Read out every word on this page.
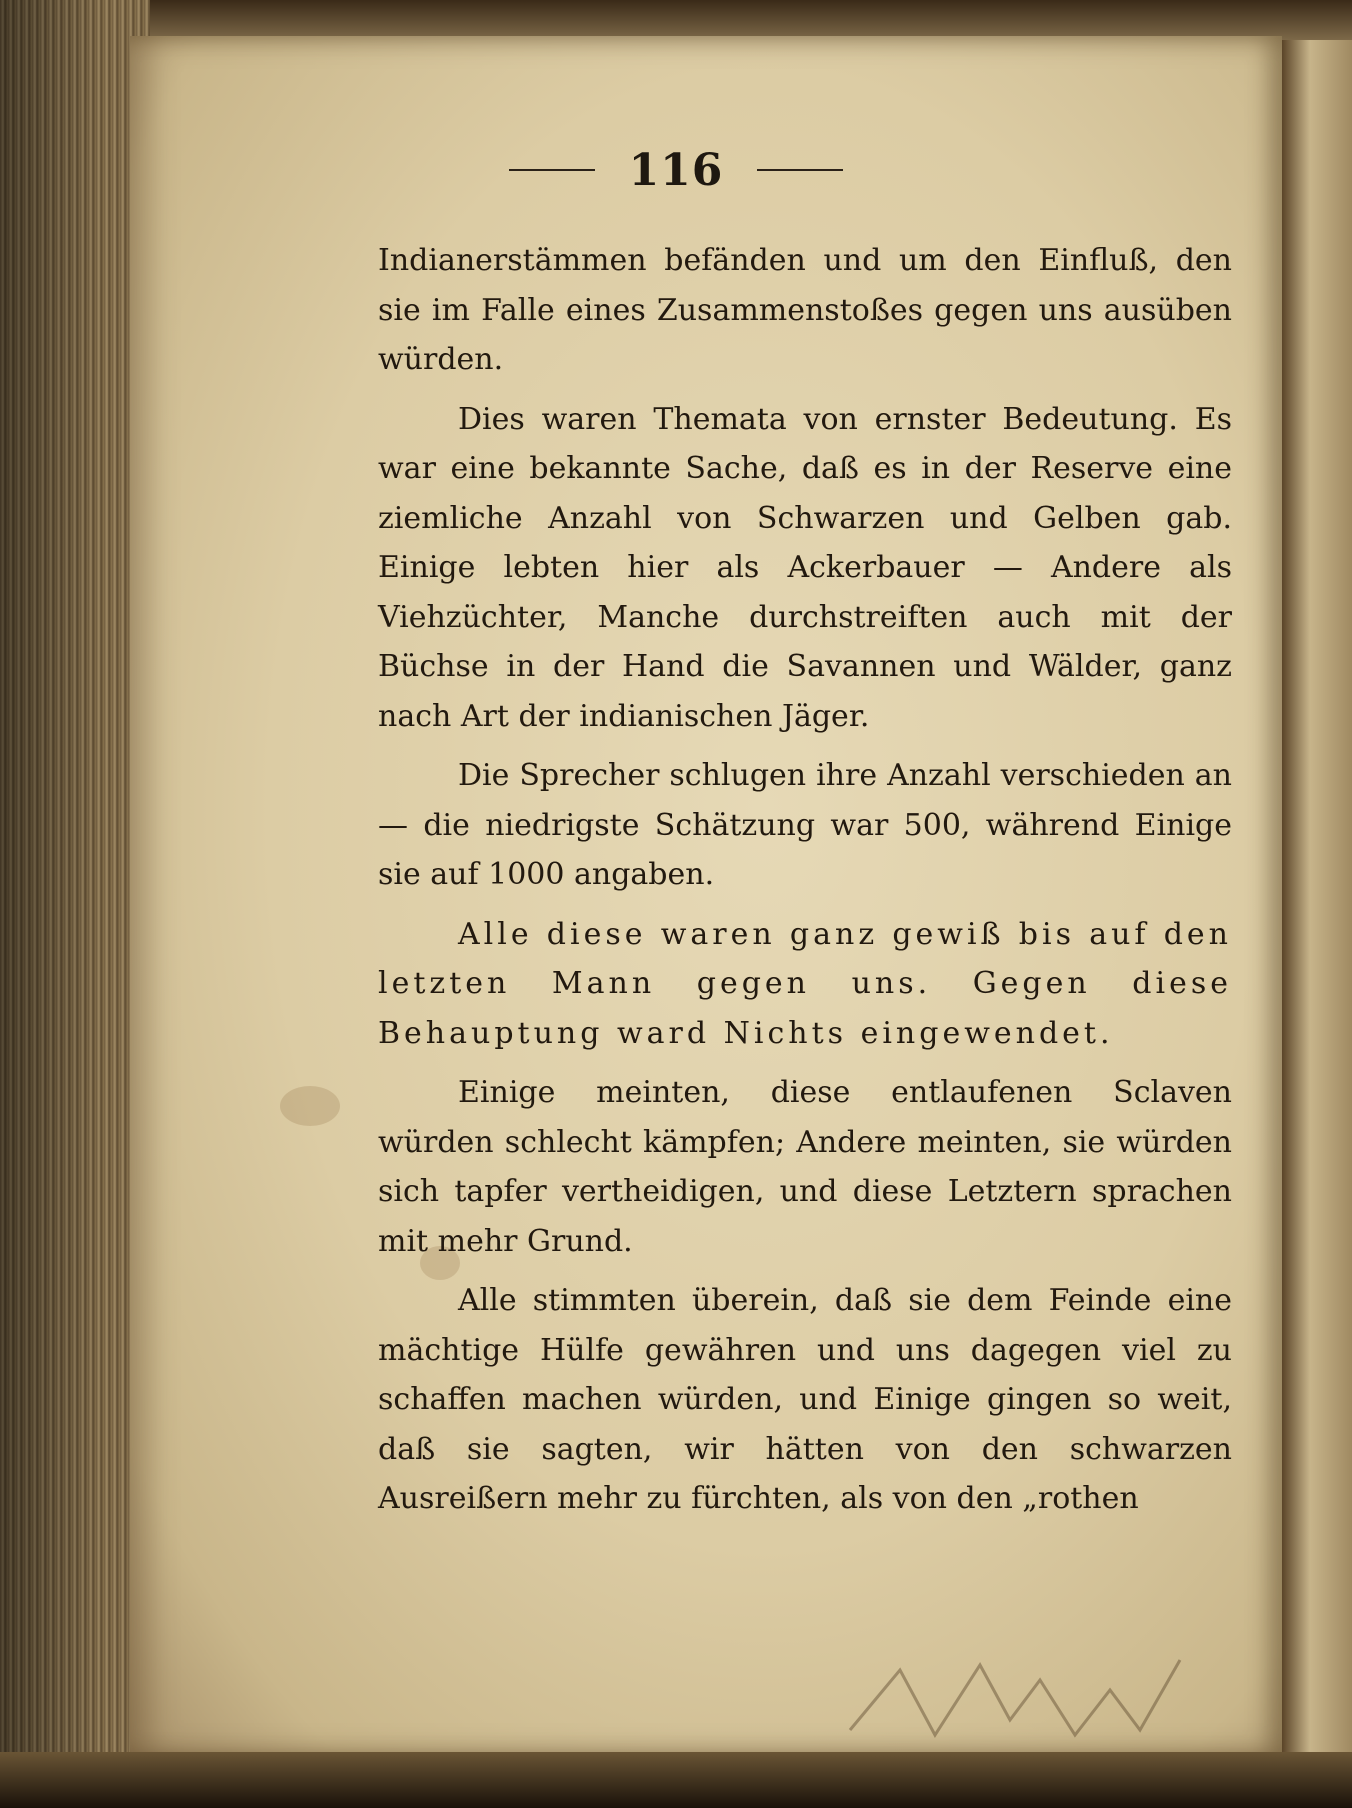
116

Indianerstämmen befänden und um den Einfluß, den sie im Falle eines Zusammenstoßes gegen uns ausüben würden.

Dies waren Themata von ernster Bedeutung. Es war eine bekannte Sache, daß es in der Reserve eine ziemliche Anzahl von Schwarzen und Gelben gab. Einige lebten hier als Ackerbauer — Andere als Viehzüchter, Manche durchstreiften auch mit der Büchse in der Hand die Savannen und Wälder, ganz nach Art der indianischen Jäger.

Die Sprecher schlugen ihre Anzahl verschieden an — die niedrigste Schätzung war 500, während Einige sie auf 1000 angaben.

Alle diese waren ganz gewiß bis auf den letzten Mann gegen uns. Gegen diese Behauptung ward Nichts eingewendet.

Einige meinten, diese entlaufenen Sclaven würden schlecht kämpfen; Andere meinten, sie würden sich tapfer vertheidigen, und diese Letztern sprachen mit mehr Grund.

Alle stimmten überein, daß sie dem Feinde eine mächtige Hülfe gewähren und uns dagegen viel zu schaffen machen würden, und Einige gingen so weit, daß sie sagten, wir hätten von den schwarzen Ausreißern mehr zu fürchten, als von den „rothen
